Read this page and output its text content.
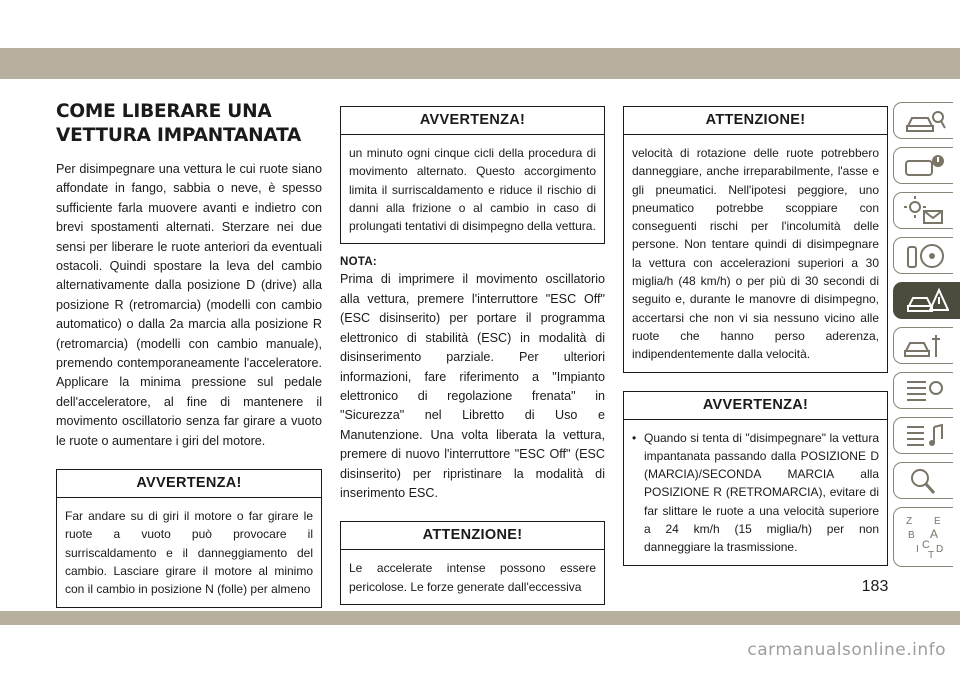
COME LIBERARE UNA
VETTURA IMPANTANATA

Per disimpegnare una vettura le cui ruote siano affondate in fango, sabbia o neve, è spesso sufficiente farla muovere avanti e indietro con brevi spostamenti alternati. Sterzare nei due sensi per liberare le ruote anteriori da eventuali ostacoli. Quindi spostare la leva del cambio alternativamente dalla posizione D (drive) alla posizione R (retromarcia) (modelli con cambio automatico) o dalla 2a marcia alla posizione R (retromarcia) (modelli con cambio manuale), premendo contemporaneamente l'acceleratore. Applicare la minima pressione sul pedale dell'acceleratore, al fine di mantenere il movimento oscillatorio senza far girare a vuoto le ruote o aumentare i giri del motore.

AVVERTENZA!

Far andare su di giri il motore o far girare le ruote a vuoto può provocare il surriscaldamento e il danneggiamento del cambio. Lasciare girare il motore al minimo con il cambio in posizione N (folle) per almeno

AVVERTENZA!

un minuto ogni cinque cicli della procedura di movimento alternato. Questo accorgimento limita il surriscaldamento e riduce il rischio di danni alla frizione o al cambio in caso di prolungati tentativi di disimpegno della vettura.

NOTA:

Prima di imprimere il movimento oscillatorio alla vettura, premere l'interruttore "ESC Off" (ESC disinserito) per portare il programma elettronico di stabilità (ESC) in modalità di disinserimento parziale. Per ulteriori informazioni, fare riferimento a "Impianto elettronico di regolazione frenata" in "Sicurezza" nel Libretto di Uso e Manutenzione. Una volta liberata la vettura, premere di nuovo l'interruttore "ESC Off" (ESC disinserito) per ripristinare la modalità di inserimento ESC.

ATTENZIONE!

Le accelerate intense possono essere pericolose. Le forze generate dall'eccessiva

ATTENZIONE!

velocità di rotazione delle ruote potrebbero danneggiare, anche irreparabilmente, l'asse e gli pneumatici. Nell'ipotesi peggiore, uno pneumatico potrebbe scoppiare con conseguenti rischi per l'incolumità delle persone. Non tentare quindi di disimpegnare la vettura con accelerazioni superiori a 30 miglia/h (48 km/h) o per più di 30 secondi di seguito e, durante le manovre di disimpegno, accertarsi che non vi sia nessuno vicino alle ruote che hanno perso aderenza, indipendentemente dalla velocità.

AVVERTENZA!
• Quando si tenta di "disimpegnare" la vettura impantanata passando dalla POSIZIONE D (MARCIA)/SECONDA MARCIA alla POSIZIONE R (RETROMARCIA), evitare di far slittare le ruote a una velocità superiore a 24 km/h (15 miglia/h) per non danneggiare la trasmissione.
Z E
B A
I C
T
D
183
carmanualsonline.info
